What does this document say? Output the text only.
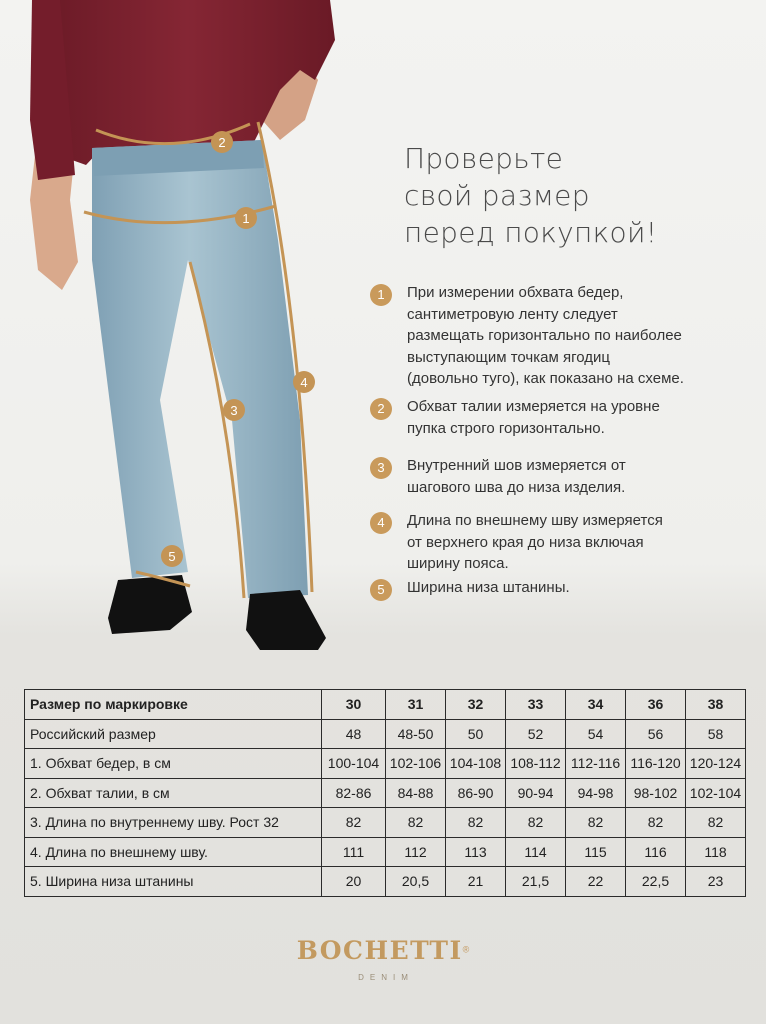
1
2
3
4
5
Проверьте
свой размер
перед покупкой!
1	При измерении обхвата бедер,
сантиметровую ленту следует
размещать горизонтально по наиболее
выступающим точкам ягодиц
(довольно туго), как показано на схеме.
2	Обхват талии измеряется на уровне
пупка строго горизонтально.
3	Внутренний шов измеряется от
шагового шва до низа изделия.
4	Длина по внешнему шву измеряется
от верхнего края до низа включая
ширину пояса.
5	Ширина низа штанины.
Размер по маркировке	30	31	32	33	34	36	38
Российский размер	48	48-50	50	52	54	56	58
1. Обхват бедер, в см	100-104	102-106	104-108	108-112	112-116	116-120	120-124
2. Обхват талии, в см	82-86	84-88	86-90	90-94	94-98	98-102	102-104
3. Длина по внутреннему шву. Рост 32	82	82	82	82	82	82	82
4. Длина по внешнему шву.	111	112	113	114	115	116	118
5. Ширина низа штанины	20	20,5	21	21,5	22	22,5	23
BOCHETTI®
DENIM
